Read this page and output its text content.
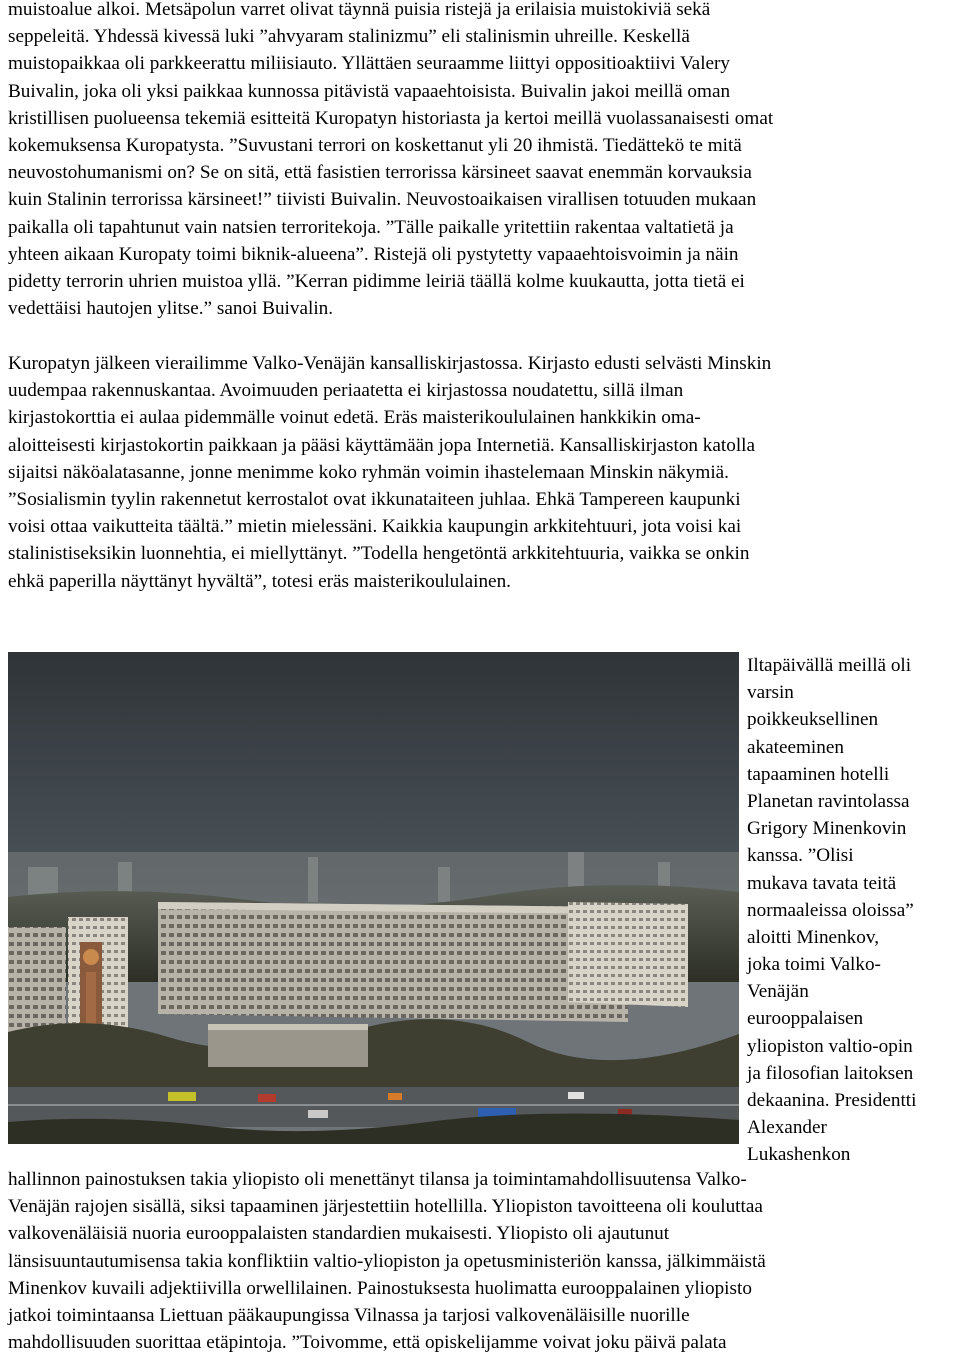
muistoalue alkoi. Metsäpolun varret olivat täynnä puisia ristejä ja erilaisia muistokiviä sekä
seppeleitä. Yhdessä kivessä luki ”ahvyaram stalinizmu” eli stalinismin uhreille. Keskellä
muistopaikkaa oli parkkeerattu miliisiauto. Yllättäen seuraamme liittyi oppositioaktiivi Valery
Buivalin, joka oli yksi paikkaa kunnossa pitävistä vapaaehtoisista. Buivalin jakoi meillä oman
kristillisen puolueensa tekemiä esitteitä Kuropatyn historiasta ja kertoi meillä vuolassanaisesti omat
kokemuksensa Kuropatysta. ”Suvustani terrori on koskettanut yli 20 ihmistä. Tiedättekö te mitä
neuvostohumanismi on? Se on sitä, että fasistien terrorissa kärsineet saavat enemmän korvauksia
kuin Stalinin terrorissa kärsineet!” tiivisti Buivalin. Neuvostoaikaisen virallisen totuuden mukaan
paikalla oli tapahtunut vain natsien terroritekoja. ”Tälle paikalle yritettiin rakentaa valtatietä ja
yhteen aikaan Kuropaty toimi biknik-alueena”. Ristejä oli pystytetty vapaaehtoisvoimin ja näin
pidetty terrorin uhrien muistoa yllä. ”Kerran pidimme leiriä täällä kolme kuukautta, jotta tietä ei
vedettäisi hautojen ylitse.” sanoi Buivalin.
Kuropatyn jälkeen vierailimme Valko-Venäjän kansalliskirjastossa. Kirjasto edusti selvästi Minskin
uudempaa rakennuskantaa. Avoimuuden periaatetta ei kirjastossa noudatettu, sillä ilman
kirjastokorttia ei aulaa pidemmälle voinut edetä. Eräs maisterikoululainen hankkikin oma-
aloitteisesti kirjastokortin paikkaan ja pääsi käyttämään jopa Internetiä. Kansalliskirjaston katolla
sijaitsi näköalatasanne, jonne menimme koko ryhmän voimin ihastelemaan Minskin näkymiä.
”Sosialismin tyylin rakennetut kerrostalot ovat ikkunataiteen juhlaa. Ehkä Tampereen kaupunki
voisi ottaa vaikutteita täältä.” mietin mielessäni. Kaikkia kaupungin arkkitehtuuri, jota voisi kai
stalinistiseksikin luonnehtia, ei miellyttänyt. ”Todella hengetöntä arkkitehtuuria, vaikka se onkin
ehkä paperilla näyttänyt hyvältä”, totesi eräs maisterikoululainen.
Iltapäivällä meillä oli
varsin
poikkeuksellinen
akateeminen
tapaaminen hotelli
Planetan ravintolassa
Grigory Minenkovin
kanssa. ”Olisi
mukava tavata teitä
normaaleissa oloissa”
aloitti Minenkov,
joka toimi Valko-
Venäjän
eurooppalaisen
yliopiston valtio-opin
ja filosofian laitoksen
dekaanina. Presidentti
Alexander
Lukashenkon
hallinnon painostuksen takia yliopisto oli menettänyt tilansa ja toimintamahdollisuutensa Valko-
Venäjän rajojen sisällä, siksi tapaaminen järjestettiin hotellilla. Yliopiston tavoitteena oli kouluttaa
valkovenäläisiä nuoria eurooppalaisten standardien mukaisesti. Yliopisto oli ajautunut
länsisuuntautumisensa takia konfliktiin valtio-yliopiston ja opetusministeriön kanssa, jälkimmäistä
Minenkov kuvaili adjektiivilla orwellilainen. Painostuksesta huolimatta eurooppalainen yliopisto
jatkoi toimintaansa Liettuan pääkaupungissa Vilnassa ja tarjosi valkovenäläisille nuorille
mahdollisuuden suorittaa etäpintoja. ”Toivomme, että opiskelijamme voivat joku päivä palata
